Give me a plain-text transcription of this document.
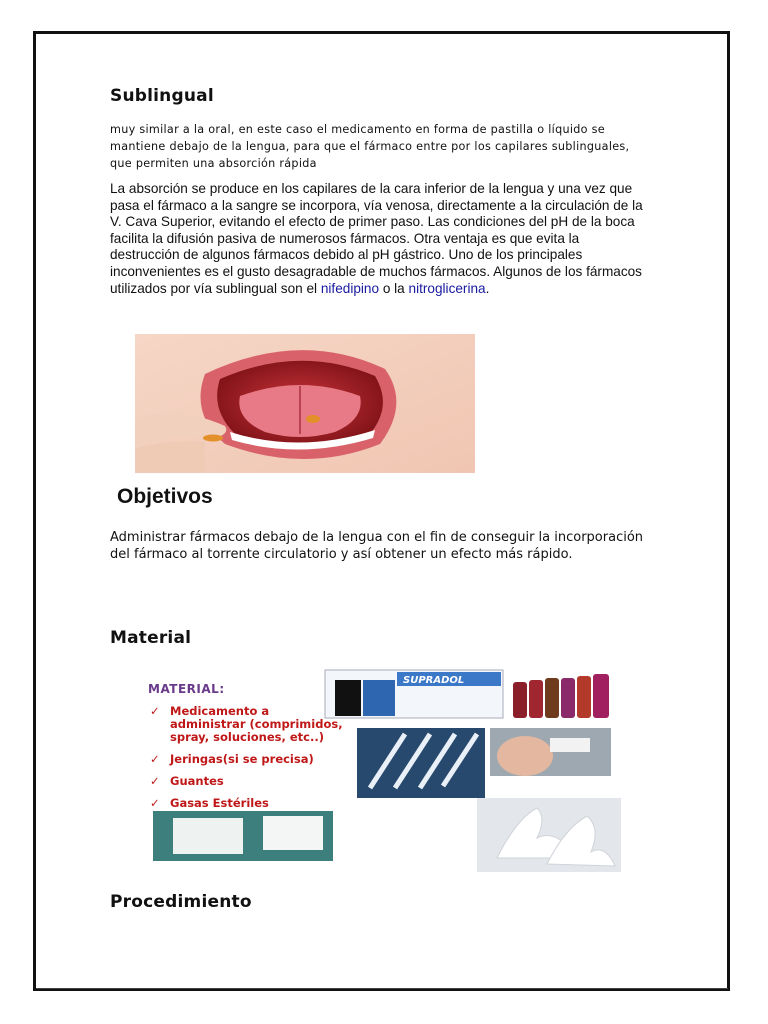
Sublingual
muy similar a la oral, en este caso el medicamento en forma de pastilla o líquido se mantiene debajo de la lengua, para que el fármaco entre por los capilares sublinguales, que permiten una absorción rápida
La absorción se produce en los capilares de la cara inferior de la lengua y una vez que pasa el fármaco a la sangre se incorpora, vía venosa, directamente a la circulación de la V. Cava Superior, evitando el efecto de primer paso. Las condiciones del pH de la boca facilita la difusión pasiva de numerosos fármacos. Otra ventaja es que evita la destrucción de algunos fármacos debido al pH gástrico. Uno de los principales inconvenientes es el gusto desagradable de muchos fármacos. Algunos de los fármacos utilizados por vía sublingual son el nifedipino o la nitroglicerina.
Objetivos
Administrar fármacos debajo de la lengua con el fin de conseguir la incorporación
del fármaco al torrente circulatorio y así obtener un efecto más rápido.
Material
SUPRADOL
MATERIAL:
✓ Medicamento a administrar (comprimidos, spray, soluciones, etc..)
✓ Jeringas(si se precisa)
✓ Guantes
✓ Gasas Estériles
Procedimiento
